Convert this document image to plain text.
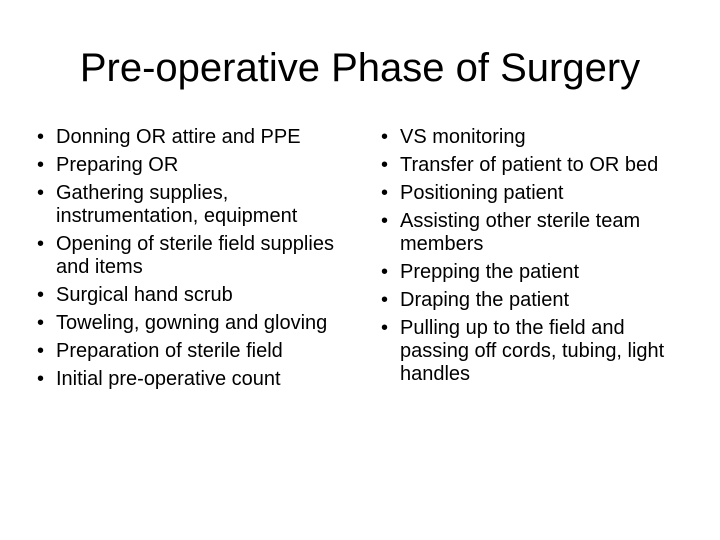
Pre-operative Phase of Surgery
• Donning OR attire and PPE
• Preparing OR
• Gathering supplies, instrumentation, equipment
• Opening of sterile field supplies and items
• Surgical hand scrub
• Toweling, gowning and gloving
• Preparation of sterile field
• Initial pre-operative count
• VS monitoring
• Transfer of patient to OR bed
• Positioning patient
• Assisting other sterile team members
• Prepping the patient
• Draping the patient
• Pulling up to the field and passing off cords, tubing, light handles
